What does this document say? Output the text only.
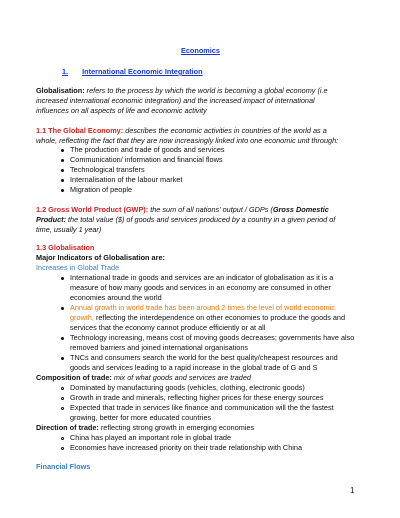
Economics

1. International Economic Integration

Globalisation: refers to the process by which the world is becoming a global economy (i.e

increased international economic integration) and the increased impact of international

influences on all aspects of life and economic activity

1.1 The Global Economy: describes the economic activities in countries of the world as a

whole, reflecting the fact that they are now increasingly linked into one economic unit through:

The production and trade of goods and services

Communication/ information and financial flows

Technological transfers

Internalisation of the labour market

Migration of people

1.2 Gross World Product (GWP): the sum of all nations' output / GDPs (Gross Domestic

Product: the total value ($) of goods and services produced by a country in a given period of

time, usually 1 year)

1.3 Globalisation

Major Indicators of Globalisation are:

Increases in Global Trade

International trade in goods and services are an indicator of globalisation as it is a

measure of how many goods and services in an economy are consumed in other

economies around the world

Annual growth in world trade has been around 2 times the level of world economic

growth, reflecting the interdependence on other economies to produce the goods and

services that the economy cannot produce efficiently or at all

Technology increasing, means cost of moving goods decreases; governments have also

removed barriers and joined international organisations

TNCs and consumers search the world for the best quality/cheapest resources and

goods and services leading to a rapid increase in the global trade of G and S

Composition of trade: mix of what goods and services are traded

Dominated by manufacturing goods (vehicles, clothing, electronic goods)

Growth in trade and minerals, reflecting higher prices for these energy sources

Expected that trade in services like finance and communication will the the fastest

growing, better for more educated countries

Direction of trade: reflecting strong growth in emerging economies

China has played an important role in global trade

Economies have increased priority on their trade relationship with China

Financial Flows

1
